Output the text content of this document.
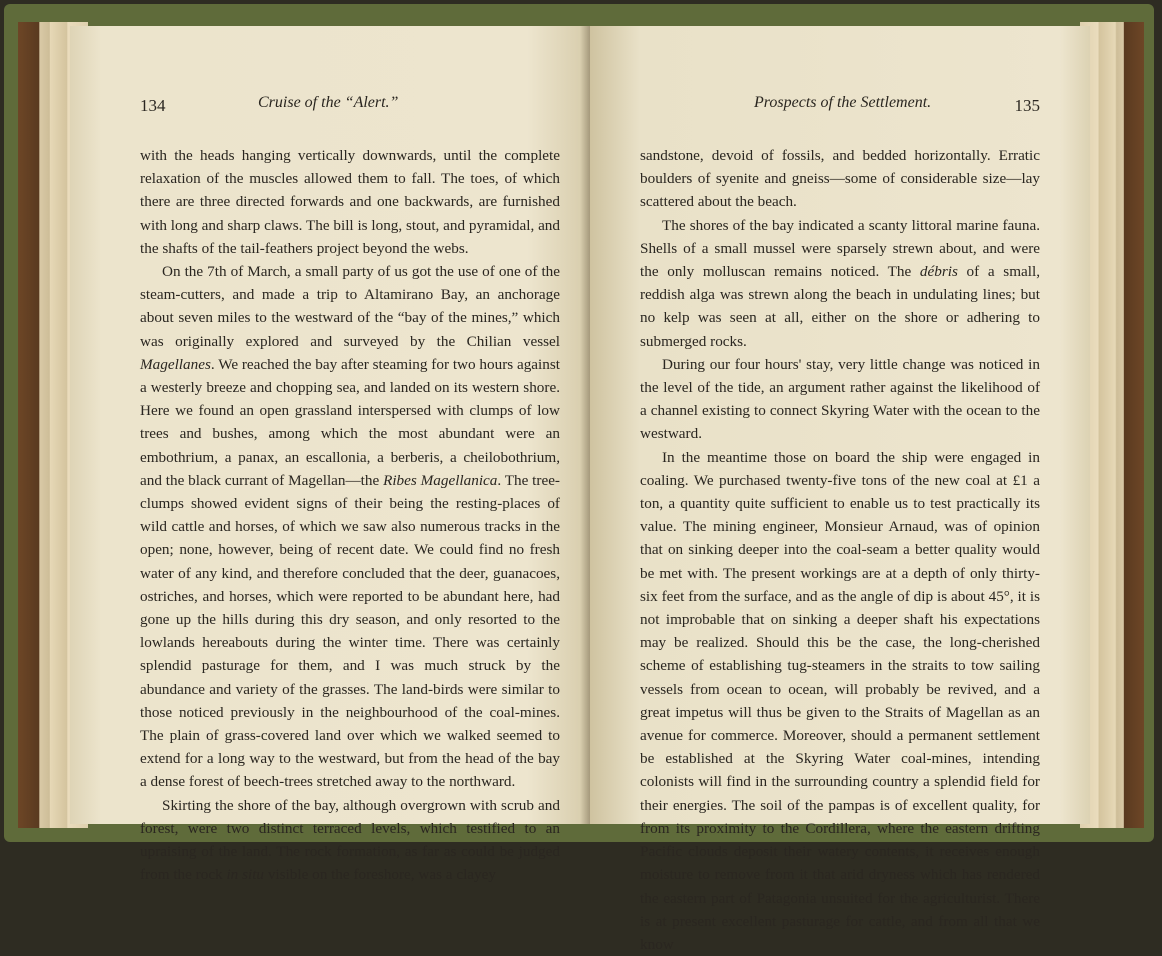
134	Cruise of the “Alert.”

with the heads hanging vertically downwards, until the complete relaxation of the muscles allowed them to fall. The toes, of which there are three directed forwards and one backwards, are furnished with long and sharp claws. The bill is long, stout, and pyramidal, and the shafts of the tail-feathers project beyond the webs.

On the 7th of March, a small party of us got the use of one of the steam-cutters, and made a trip to Altamirano Bay, an anchorage about seven miles to the westward of the “bay of the mines,” which was originally explored and surveyed by the Chilian vessel Magellanes. We reached the bay after steaming for two hours against a westerly breeze and chopping sea, and landed on its western shore. Here we found an open grassland interspersed with clumps of low trees and bushes, among which the most abundant were an embothrium, a panax, an escallonia, a berberis, a cheilobothrium, and the black currant of Magellan—the Ribes Magellanica. The tree-clumps showed evident signs of their being the resting-places of wild cattle and horses, of which we saw also numerous tracks in the open; none, however, being of recent date. We could find no fresh water of any kind, and therefore concluded that the deer, guanacoes, ostriches, and horses, which were reported to be abundant here, had gone up the hills during this dry season, and only resorted to the lowlands hereabouts during the winter time. There was certainly splendid pasturage for them, and I was much struck by the abundance and variety of the grasses. The land-birds were similar to those noticed previously in the neighbourhood of the coal-mines. The plain of grass-covered land over which we walked seemed to extend for a long way to the westward, but from the head of the bay a dense forest of beech-trees stretched away to the northward.

Skirting the shore of the bay, although overgrown with scrub and forest, were two distinct terraced levels, which testified to an upraising of the land. The rock formation, as far as could be judged from the rock in situ visible on the foreshore, was a clayey

Prospects of the Settlement.	135

sandstone, devoid of fossils, and bedded horizontally. Erratic boulders of syenite and gneiss—some of considerable size—lay scattered about the beach.

The shores of the bay indicated a scanty littoral marine fauna. Shells of a small mussel were sparsely strewn about, and were the only molluscan remains noticed. The débris of a small, reddish alga was strewn along the beach in undulating lines; but no kelp was seen at all, either on the shore or adhering to submerged rocks.

During our four hours' stay, very little change was noticed in the level of the tide, an argument rather against the likelihood of a channel existing to connect Skyring Water with the ocean to the westward.

In the meantime those on board the ship were engaged in coaling. We purchased twenty-five tons of the new coal at £1 a ton, a quantity quite sufficient to enable us to test practically its value. The mining engineer, Monsieur Arnaud, was of opinion that on sinking deeper into the coal-seam a better quality would be met with. The present workings are at a depth of only thirty-six feet from the surface, and as the angle of dip is about 45°, it is not improbable that on sinking a deeper shaft his expectations may be realized. Should this be the case, the long-cherished scheme of establishing tug-steamers in the straits to tow sailing vessels from ocean to ocean, will probably be revived, and a great impetus will thus be given to the Straits of Magellan as an avenue for commerce. Moreover, should a permanent settlement be established at the Skyring Water coal-mines, intending colonists will find in the surrounding country a splendid field for their energies. The soil of the pampas is of excellent quality, for from its proximity to the Cordillera, where the eastern drifting Pacific clouds deposit their watery contents, it receives enough moisture to remove from it that arid dryness which has rendered the eastern part of Patagonia unsuited for the agriculturist. There is at present excellent pasturage for cattle, and from all that we know
